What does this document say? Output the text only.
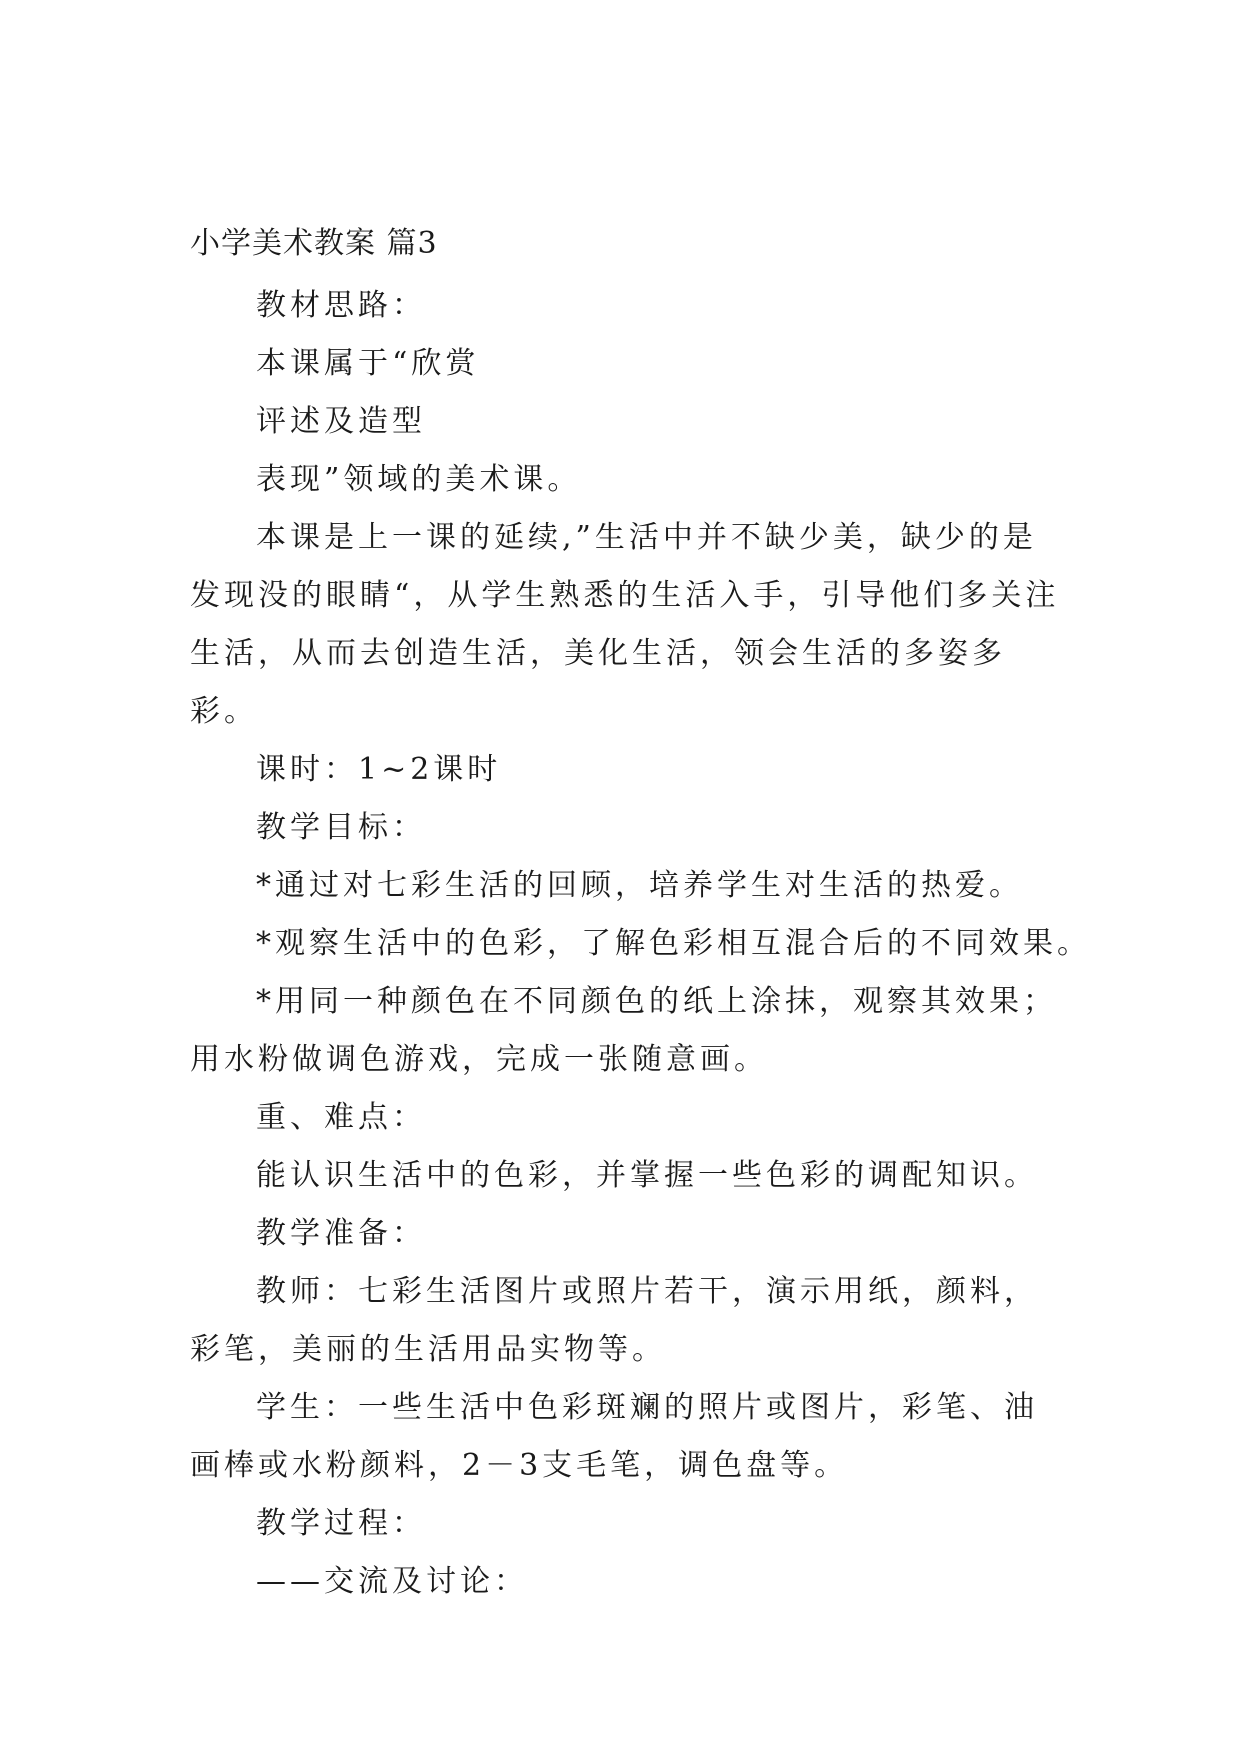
小学美术教案 篇3

教材思路：

本课属于“欣赏

评述及造型

表现”领域的美术课。

本课是上一课的延续,”生活中并不缺少美，缺少的是发现没的眼睛“，从学生熟悉的生活入手，引导他们多关注生活，从而去创造生活，美化生活，领会生活的多姿多彩。

课时：1~2课时

教学目标：

*通过对七彩生活的回顾，培养学生对生活的热爱。

*观察生活中的色彩，了解色彩相互混合后的不同效果。

*用同一种颜色在不同颜色的纸上涂抹，观察其效果；用水粉做调色游戏，完成一张随意画。

重、难点：

能认识生活中的色彩，并掌握一些色彩的调配知识。

教学准备：

教师：七彩生活图片或照片若干，演示用纸，颜料，彩笔，美丽的生活用品实物等。

学生：一些生活中色彩斑斓的照片或图片，彩笔、油画棒或水粉颜料，2－3支毛笔，调色盘等。

教学过程：

——交流及讨论：
